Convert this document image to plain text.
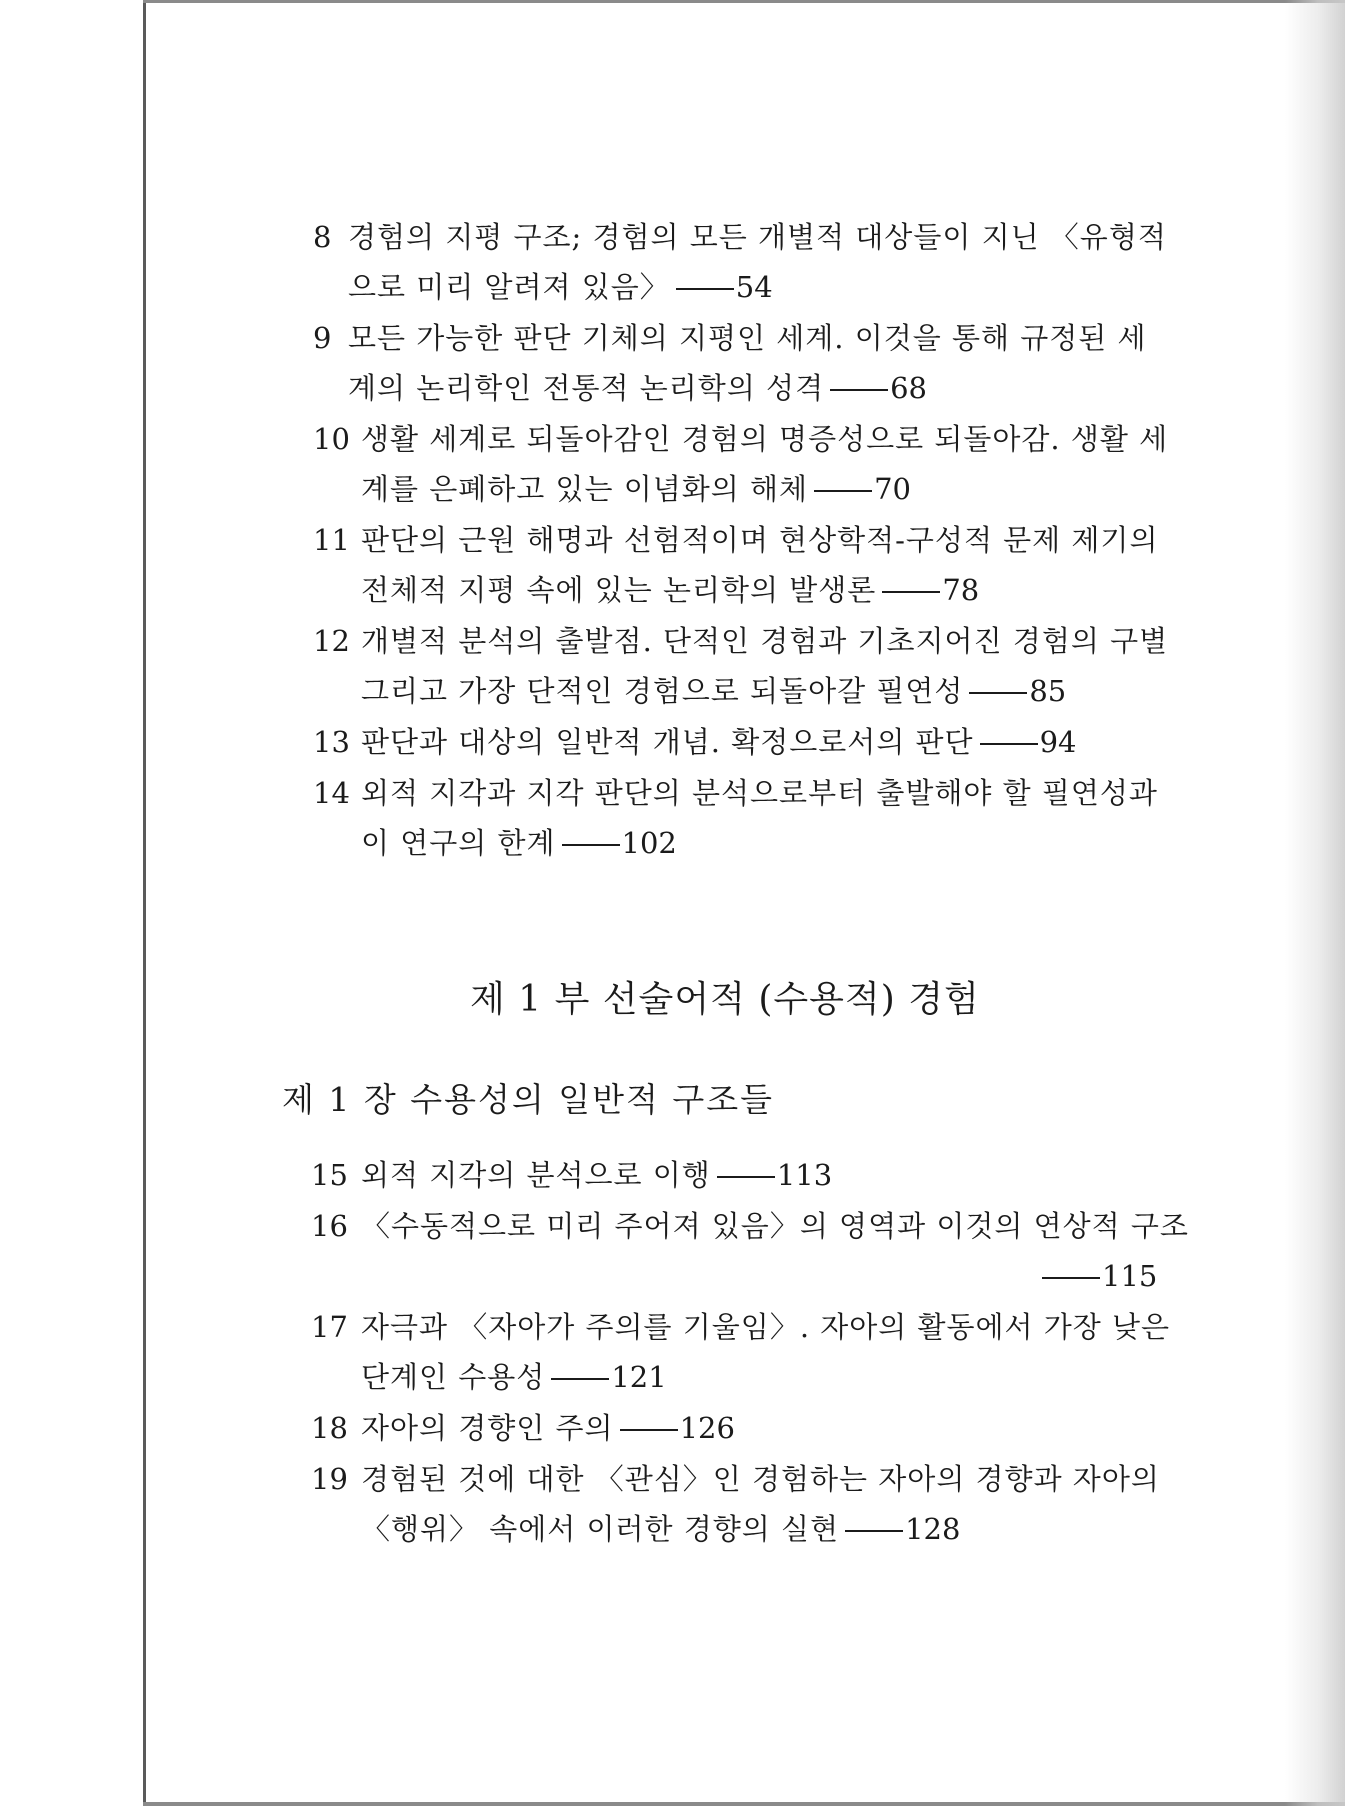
8 경험의 지평 구조; 경험의 모든 개별적 대상들이 지닌 〈유형적
으로 미리 알려져 있음〉 54
9 모든 가능한 판단 기체의 지평인 세계. 이것을 통해 규정된 세
계의 논리학인 전통적 논리학의 성격 68
10 생활 세계로 되돌아감인 경험의 명증성으로 되돌아감. 생활 세
계를 은폐하고 있는 이념화의 해체 70
11 판단의 근원 해명과 선험적이며 현상학적-구성적 문제 제기의
전체적 지평 속에 있는 논리학의 발생론 78
12 개별적 분석의 출발점. 단적인 경험과 기초지어진 경험의 구별
그리고 가장 단적인 경험으로 되돌아갈 필연성 85
13 판단과 대상의 일반적 개념. 확정으로서의 판단 94
14 외적 지각과 지각 판단의 분석으로부터 출발해야 할 필연성과
이 연구의 한계 102
제 1 부 선술어적 (수용적) 경험
제 1 장 수용성의 일반적 구조들
15 외적 지각의 분석으로 이행 113
16 〈수동적으로 미리 주어져 있음〉의 영역과 이것의 연상적 구조
115
17 자극과 〈자아가 주의를 기울임〉. 자아의 활동에서 가장 낮은
단계인 수용성 121
18 자아의 경향인 주의 126
19 경험된 것에 대한 〈관심〉인 경험하는 자아의 경향과 자아의
〈행위〉 속에서 이러한 경향의 실현 128
